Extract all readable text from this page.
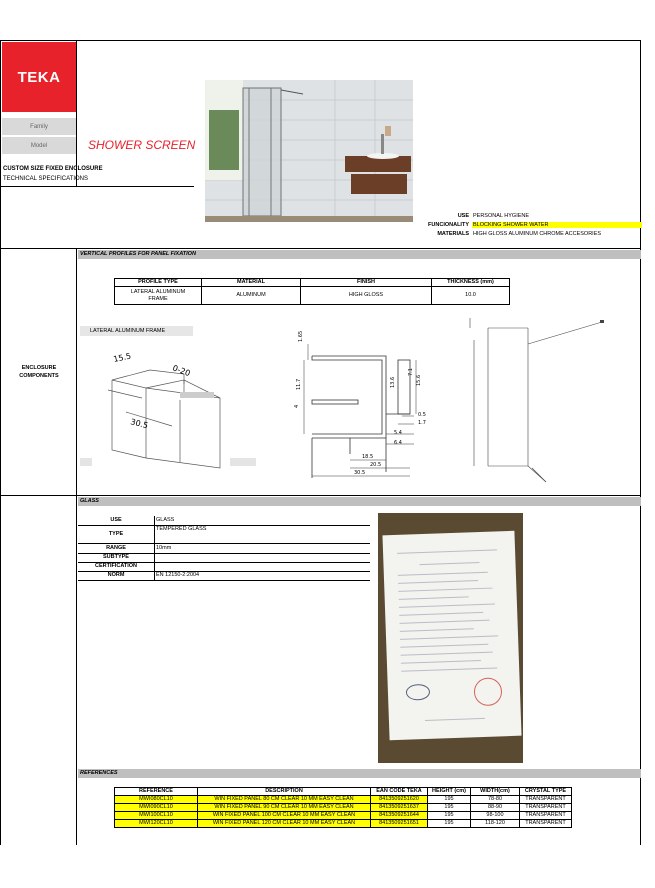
TEKA
Family
Model	SHOWER SCREEN
CUSTOM SIZE FIXED ENCLOSURE
TECHNICAL SPECIFICATIONS
USE PERSONAL HYGIENE
FUNCIONALITY BLOCKING SHOWER WATER
MATERIALS HIGH GLOSS ALUMINUM CHROME ACCESORIES
VERTICAL PROFILES FOR PANEL FIXATION
ENCLOSURE
COMPONENTS
PROFILE TYPE	MATERIAL	FINISH	THICKNESS (mm)
LATERAL ALUMINUM
FRAME	ALUMINUM	HIGH GLOSS	10.0
LATERAL ALUMINUM FRAME
15.5
0-20
30.5
1.65
11.7	13.6
7.1
15.6
4
0.5
1.7
5.4
6.4
18.5
20.5
30.5
GLASS
USE	GLASS
TYPE
TEMPERED GLASS
RANGE	10mm
SUBTYPE
CERTIFICATION
NORM	EN 12150-2:2004
REFERENCES
REFERENCE	DESCRIPTION	EAN CODE TEKA	HEIGHT (cm)	WIDTH(cm)	CRYSTAL TYPE
MWI080CL10	WIN FIXED PANEL 80 CM CLEAR 10 MM EASY CLEAN	8413509251620	195	78-80	TRANSPARENT
MWI090CL10	WIN FIXED PANEL 90 CM CLEAR 10 MM EASY CLEAN	8413509251637	195	88-90	TRANSPARENT
MWI100CL10	WIN FIXED PANEL 100 CM CLEAR 10 MM EASY CLEAN	8413509251644	195	98-100	TRANSPARENT
MWI120CL10	WIN FIXED PANEL 120 CM CLEAR 10 MM EASY CLEAN	8413509251651	195	118-120	TRANSPARENT
